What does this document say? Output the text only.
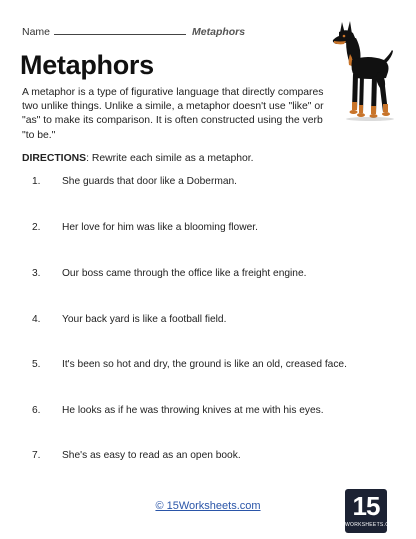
Name	Metaphors
Metaphors

A metaphor is a type of figurative language that directly compares two unlike things. Unlike a simile, a metaphor doesn't use "like" or "as" to make its comparison. It is often constructed using the verb "to be."

DIRECTIONS: Rewrite each simile as a metaphor.

1. She guards that door like a Doberman.
2. Her love for him was like a blooming flower.
3. Our boss came through the office like a freight engine.
4. Your back yard is like a football field.
5. It's been so hot and dry, the ground is like an old, creased face.
6. He looks as if he was throwing knives at me with his eyes.
7. She's as easy to read as an open book.
© 15Worksheets.com	15
WORKSHEETS.COM
